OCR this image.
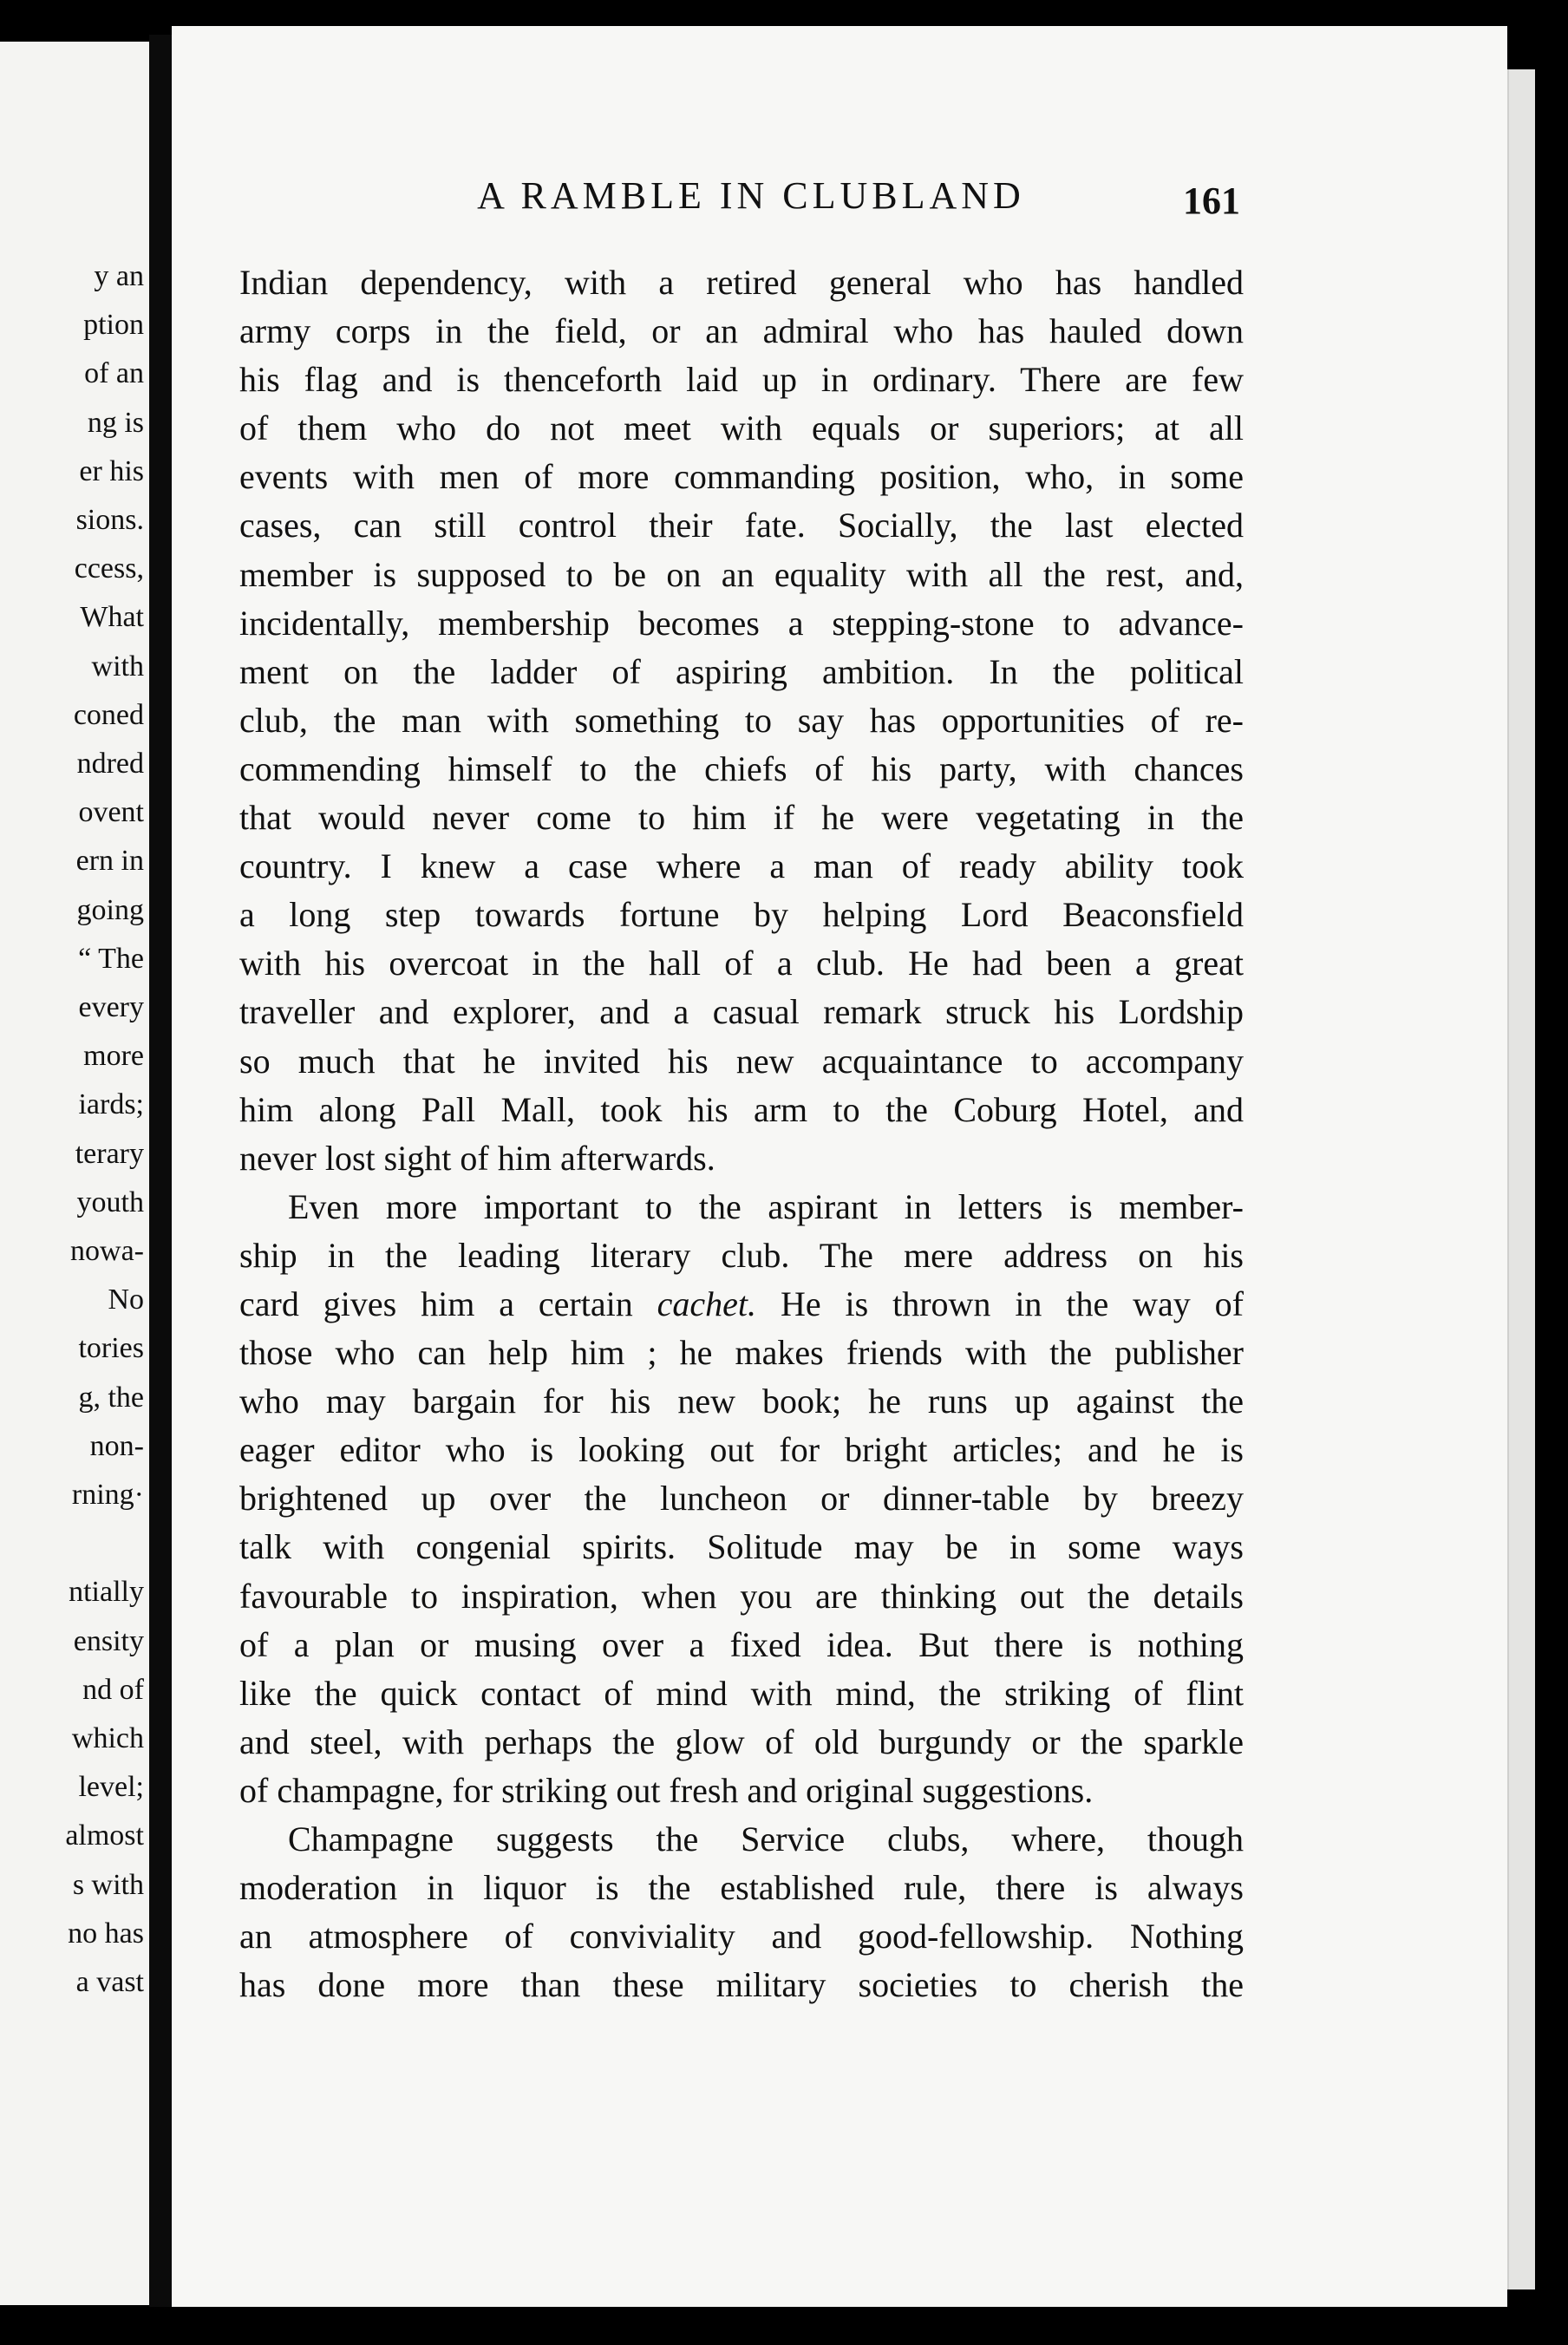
y an
ption
of an
ng is
er his
sions.
ccess,
What
with
coned
ndred
ovent
ern in
going
“ The
every
more
iards;
terary
youth
nowa-
No
tories
g, the
non-
rning·
ntially
ensity
nd of
which
level;
almost
s with
no has
a vast
A RAMBLE IN CLUBLAND	161
Indian dependency, with a retired general who has handled
army corps in the field, or an admiral who has hauled down
his flag and is thenceforth laid up in ordinary. There are few
of them who do not meet with equals or superiors; at all
events with men of more commanding position, who, in some
cases, can still control their fate. Socially, the last elected
member is supposed to be on an equality with all the rest, and,
incidentally, membership becomes a stepping-stone to advance-
ment on the ladder of aspiring ambition. In the political
club, the man with something to say has opportunities of re-
commending himself to the chiefs of his party, with chances
that would never come to him if he were vegetating in the
country. I knew a case where a man of ready ability took
a long step towards fortune by helping Lord Beaconsfield
with his overcoat in the hall of a club. He had been a great
traveller and explorer, and a casual remark struck his Lordship
so much that he invited his new acquaintance to accompany
him along Pall Mall, took his arm to the Coburg Hotel, and
never lost sight of him afterwards.
Even more important to the aspirant in letters is member-
ship in the leading literary club. The mere address on his
card gives him a certain cachet. He is thrown in the way of
those who can help him ; he makes friends with the publisher
who may bargain for his new book; he runs up against the
eager editor who is looking out for bright articles; and he is
brightened up over the luncheon or dinner-table by breezy
talk with congenial spirits. Solitude may be in some ways
favourable to inspiration, when you are thinking out the details
of a plan or musing over a fixed idea. But there is nothing
like the quick contact of mind with mind, the striking of flint
and steel, with perhaps the glow of old burgundy or the sparkle
of champagne, for striking out fresh and original suggestions.
Champagne suggests the Service clubs, where, though
moderation in liquor is the established rule, there is always
an atmosphere of conviviality and good-fellowship. Nothing
has done more than these military societies to cherish the
